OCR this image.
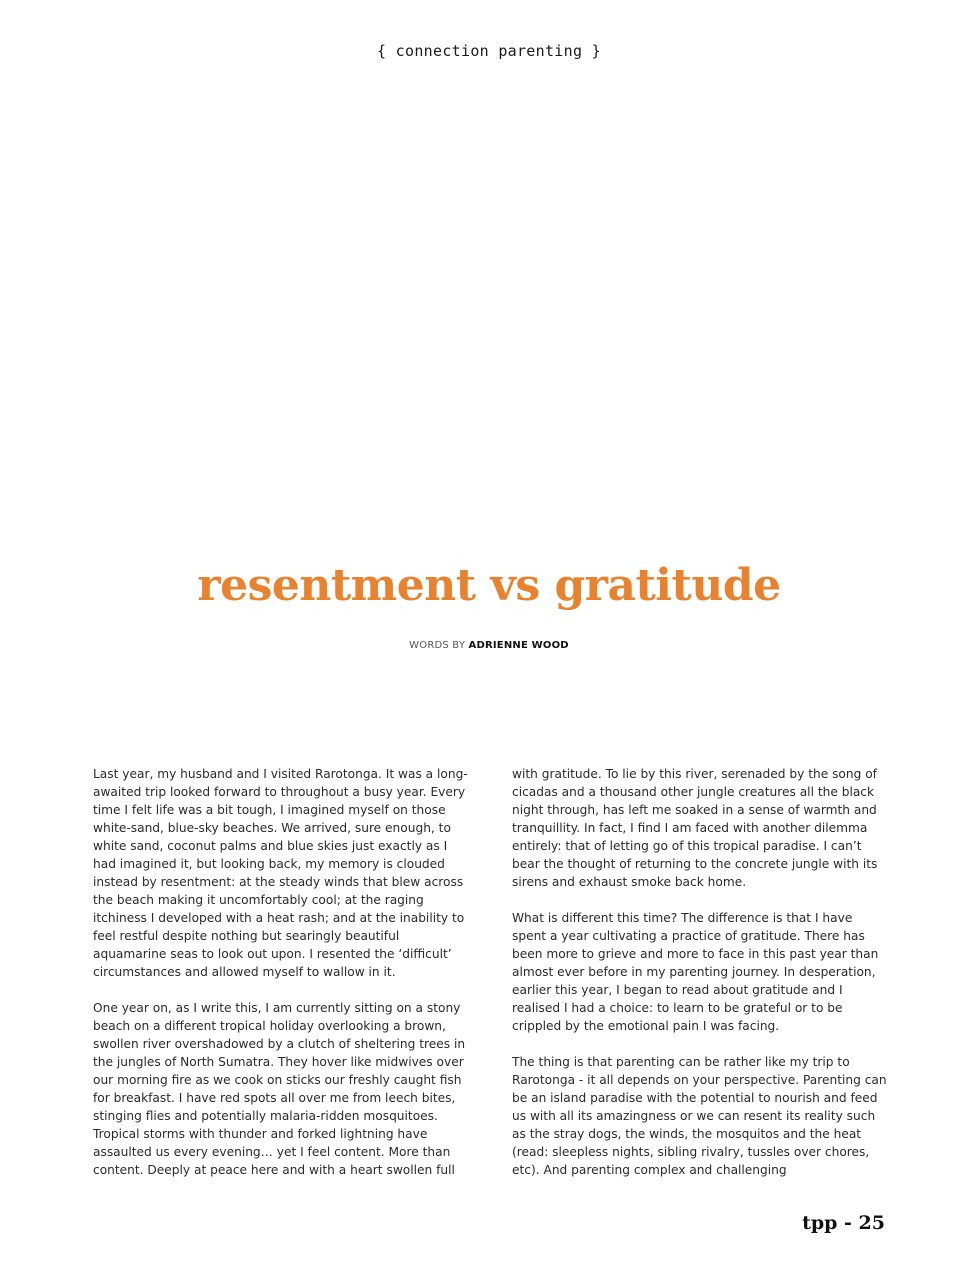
{ connection parenting }
resentment vs gratitude
WORDS BY ADRIENNE WOOD

Last year, my husband and I visited Rarotonga. It was a long-awaited trip looked forward to throughout a busy year. Every time I felt life was a bit tough, I imagined myself on those white-sand, blue-sky beaches. We arrived, sure enough, to white sand, coconut palms and blue skies just exactly as I had imagined it, but looking back, my memory is clouded instead by resentment: at the steady winds that blew across the beach making it uncomfortably cool; at the raging itchiness I developed with a heat rash; and at the inability to feel restful despite nothing but searingly beautiful aquamarine seas to look out upon. I resented the ‘difficult’ circumstances and allowed myself to wallow in it.

One year on, as I write this, I am currently sitting on a stony beach on a different tropical holiday overlooking a brown, swollen river overshadowed by a clutch of sheltering trees in the jungles of North Sumatra. They hover like midwives over our morning fire as we cook on sticks our freshly caught fish for breakfast. I have red spots all over me from leech bites, stinging flies and potentially malaria-ridden mosquitoes. Tropical storms with thunder and forked lightning have assaulted us every evening… yet I feel content. More than content. Deeply at peace here and with a heart swollen full

with gratitude. To lie by this river, serenaded by the song of cicadas and a thousand other jungle creatures all the black night through, has left me soaked in a sense of warmth and tranquillity. In fact, I find I am faced with another dilemma entirely: that of letting go of this tropical paradise. I can’t bear the thought of returning to the concrete jungle with its sirens and exhaust smoke back home.

What is different this time? The difference is that I have spent a year cultivating a practice of gratitude. There has been more to grieve and more to face in this past year than almost ever before in my parenting journey. In desperation, earlier this year, I began to read about gratitude and I realised I had a choice: to learn to be grateful or to be crippled by the emotional pain I was facing.

The thing is that parenting can be rather like my trip to Rarotonga - it all depends on your perspective. Parenting can be an island paradise with the potential to nourish and feed us with all its amazingness or we can resent its reality such as the stray dogs, the winds, the mosquitos and the heat (read: sleepless nights, sibling rivalry, tussles over chores, etc). And parenting complex and challenging

tpp - 25
